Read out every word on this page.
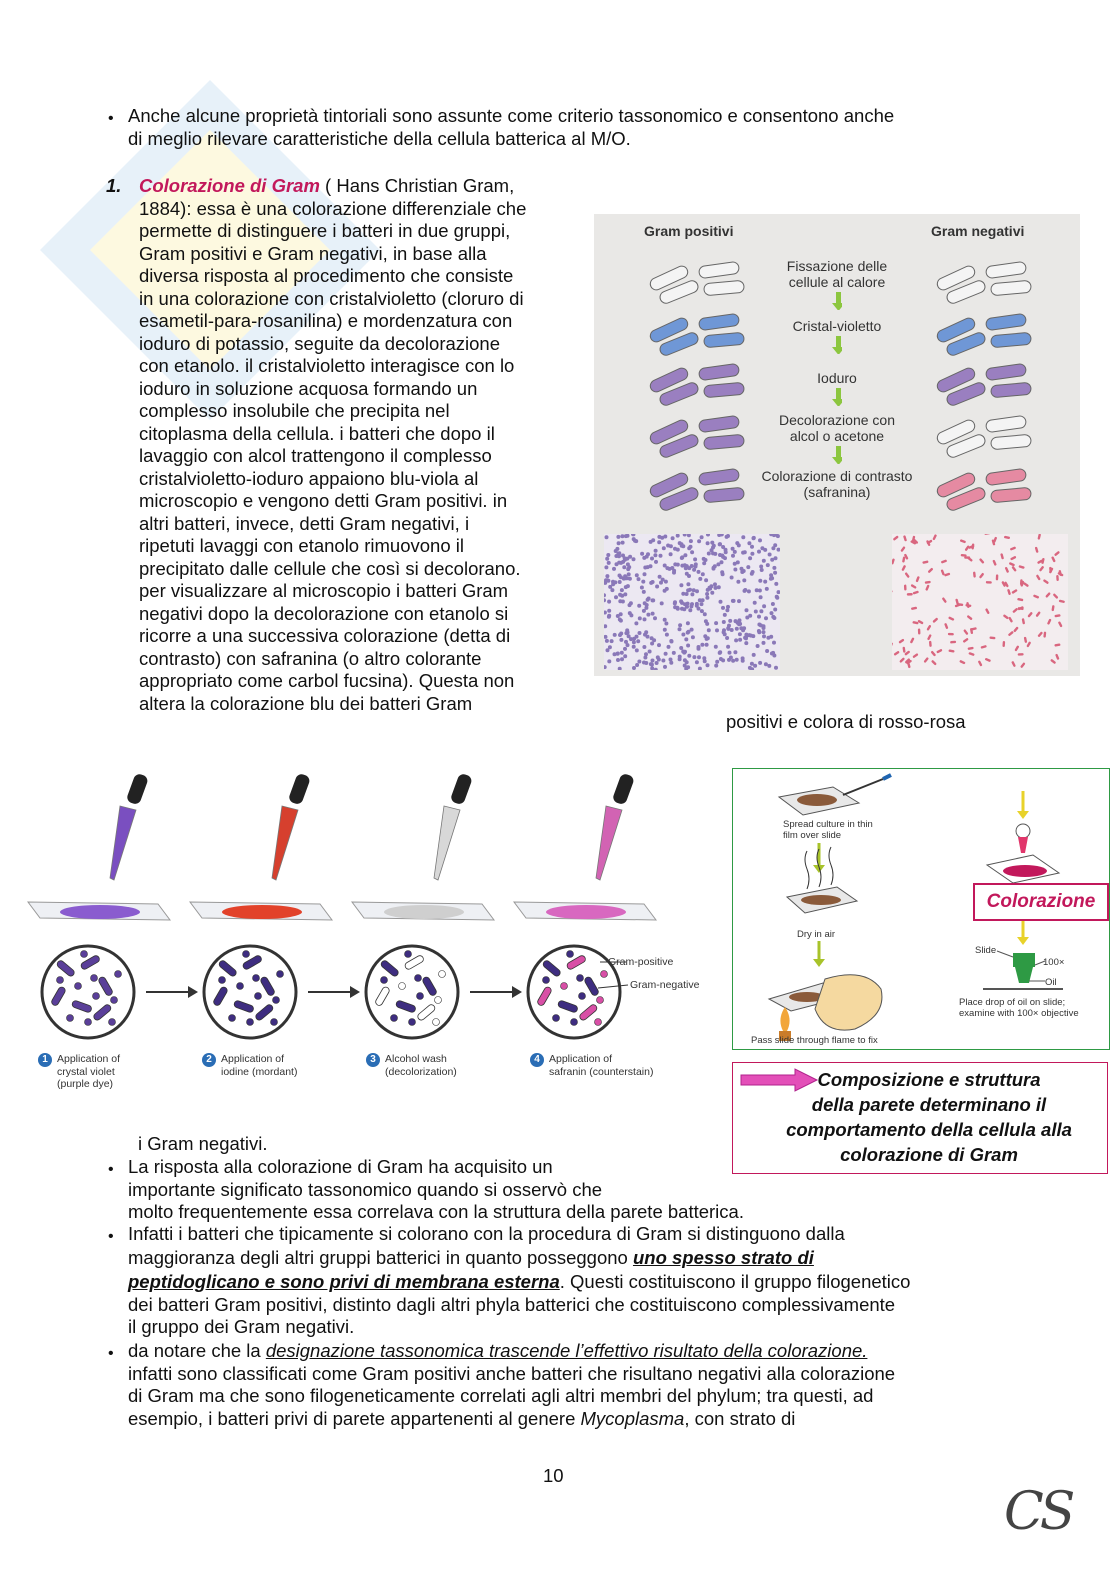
• Anche alcune proprietà tintoriali sono assunte come criterio tassonomico e consentono anche
di meglio rilevare caratteristiche della cellula batterica al M/O.
1. Colorazione di Gram ( Hans Christian Gram,
1884): essa è una colorazione differenziale che
permette di distinguere i batteri in due gruppi,
Gram positivi e Gram negativi, in base alla
diversa risposta al procedimento che consiste
in una colorazione con cristalvioletto (cloruro di
esametil-para-rosanilina) e mordenzatura con
ioduro di potassio, seguite da decolorazione
con etanolo. il cristalvioletto interagisce con lo
ioduro in soluzione acquosa formando un
complesso insolubile che precipita nel
citoplasma della cellula. i batteri che dopo il
lavaggio con alcol trattengono il complesso
cristalvioletto-ioduro appaiono blu-viola al
microscopio e vengono detti Gram positivi. in
altri batteri, invece, detti Gram negativi, i
ripetuti lavaggi con etanolo rimuovono il
precipitato dalle cellule che così si decolorano.
per visualizzare al microscopio i batteri Gram
negativi dopo la decolorazione con etanolo si
ricorre a una successiva colorazione (detta di
contrasto) con safranina (o altro colorante
appropriato come carbol fucsina). Questa non
altera la colorazione blu dei batteri Gram
positivi e colora di rosso-rosa
Gram positivi	Gram negativi
Fissazione delle
cellule al calore
Cristal-violetto
Ioduro
Decolorazione con
alcol o acetone
Colorazione di contrasto
(safranina)
Gram-positive
Gram-negative
1 Application of
crystal violet
(purple dye)
2 Application of
iodine (mordant)
3 Alcohol wash
(decolorization)
4 Application of
safranin (counterstain)
Spread culture in thin
film over slide
Dry in air
Pass slide through flame to fix
Colorazione
Slide
Oil
100×
Place drop of oil on slide;
examine with 100× objective
Composizione e struttura
della parete determinano il
comportamento della cellula alla
colorazione di Gram
i Gram negativi.
• La risposta alla colorazione di Gram ha acquisito un
importante significato tassonomico quando si osservò che
molto frequentemente essa correlava con la struttura della parete batterica.
• Infatti i batteri che tipicamente si colorano con la procedura di Gram si distinguono dalla
maggioranza degli altri gruppi batterici in quanto posseggono uno spesso strato di
peptidoglicano e sono privi di membrana esterna. Questi costituiscono il gruppo filogenetico
dei batteri Gram positivi, distinto dagli altri phyla batterici che costituiscono complessivamente
il gruppo dei Gram negativi.
• da notare che la designazione tassonomica trascende l’effettivo risultato della colorazione.
infatti sono classificati come Gram positivi anche batteri che risultano negativi alla colorazione
di Gram ma che sono filogeneticamente correlati agli altri membri del phylum; tra questi, ad
esempio, i batteri privi di parete appartenenti al genere Mycoplasma, con strato di
10
CS
